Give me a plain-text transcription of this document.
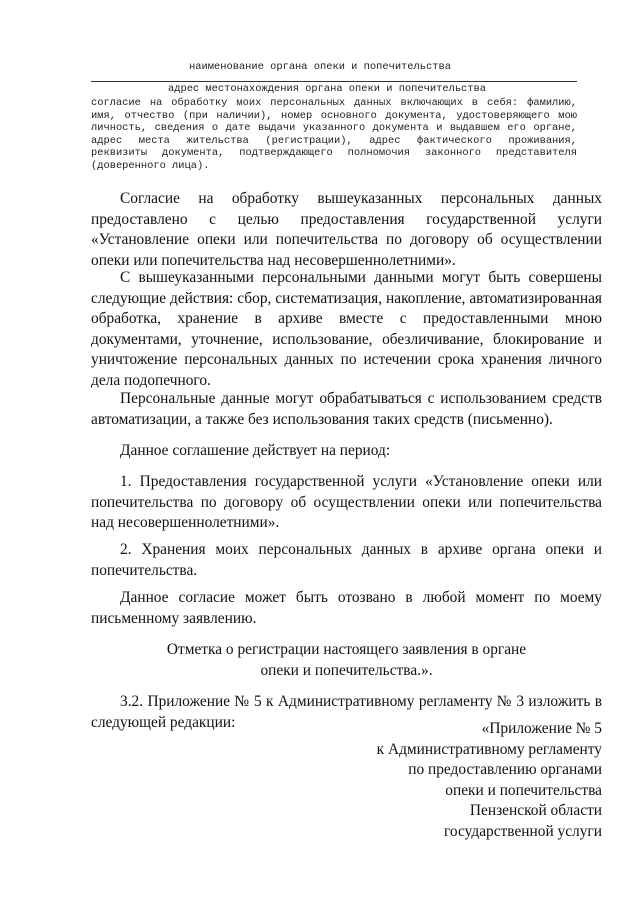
наименование органа опеки и попечительства
адрес местонахождения органа опеки и попечительства
согласие на обработку моих персональных данных включающих в себя: фамилию, имя, отчество (при наличии), номер основного документа, удостоверяющего мою личность, сведения о дате выдачи указанного документа и выдавшем его органе, адрес места жительства (регистрации), адрес фактического проживания, реквизиты документа, подтверждающего полномочия законного представителя (доверенного лица).

Согласие на обработку вышеуказанных персональных данных предоставлено с целью предоставления государственной услуги «Установление опеки или попечительства по договору об осуществлении опеки или попечительства над несовершеннолетними».

С вышеуказанными персональными данными могут быть совершены следующие действия: сбор, систематизация, накопление, автоматизированная обработка, хранение в архиве вместе с предоставленными мною документами, уточнение, использование, обезличивание, блокирование и уничтожение персональных данных по истечении срока хранения личного дела подопечного.

Персональные данные могут обрабатываться с использованием средств автоматизации, а также без использования таких средств (письменно).

Данное соглашение действует на период:

1. Предоставления государственной услуги «Установление опеки или попечительства по договору об осуществлении опеки или попечительства над несовершеннолетними».

2. Хранения моих персональных данных в архиве органа опеки и попечительства.

Данное согласие может быть отозвано в любой момент по моему письменному заявлению.

Отметка о регистрации настоящего заявления в органе
опеки и попечительства.».

3.2. Приложение № 5 к Административному регламенту № 3 изложить в следующей редакции:	«Приложение № 5
к Административному регламенту
по предоставлению органами
опеки и попечительства
Пензенской области
государственной услуги
